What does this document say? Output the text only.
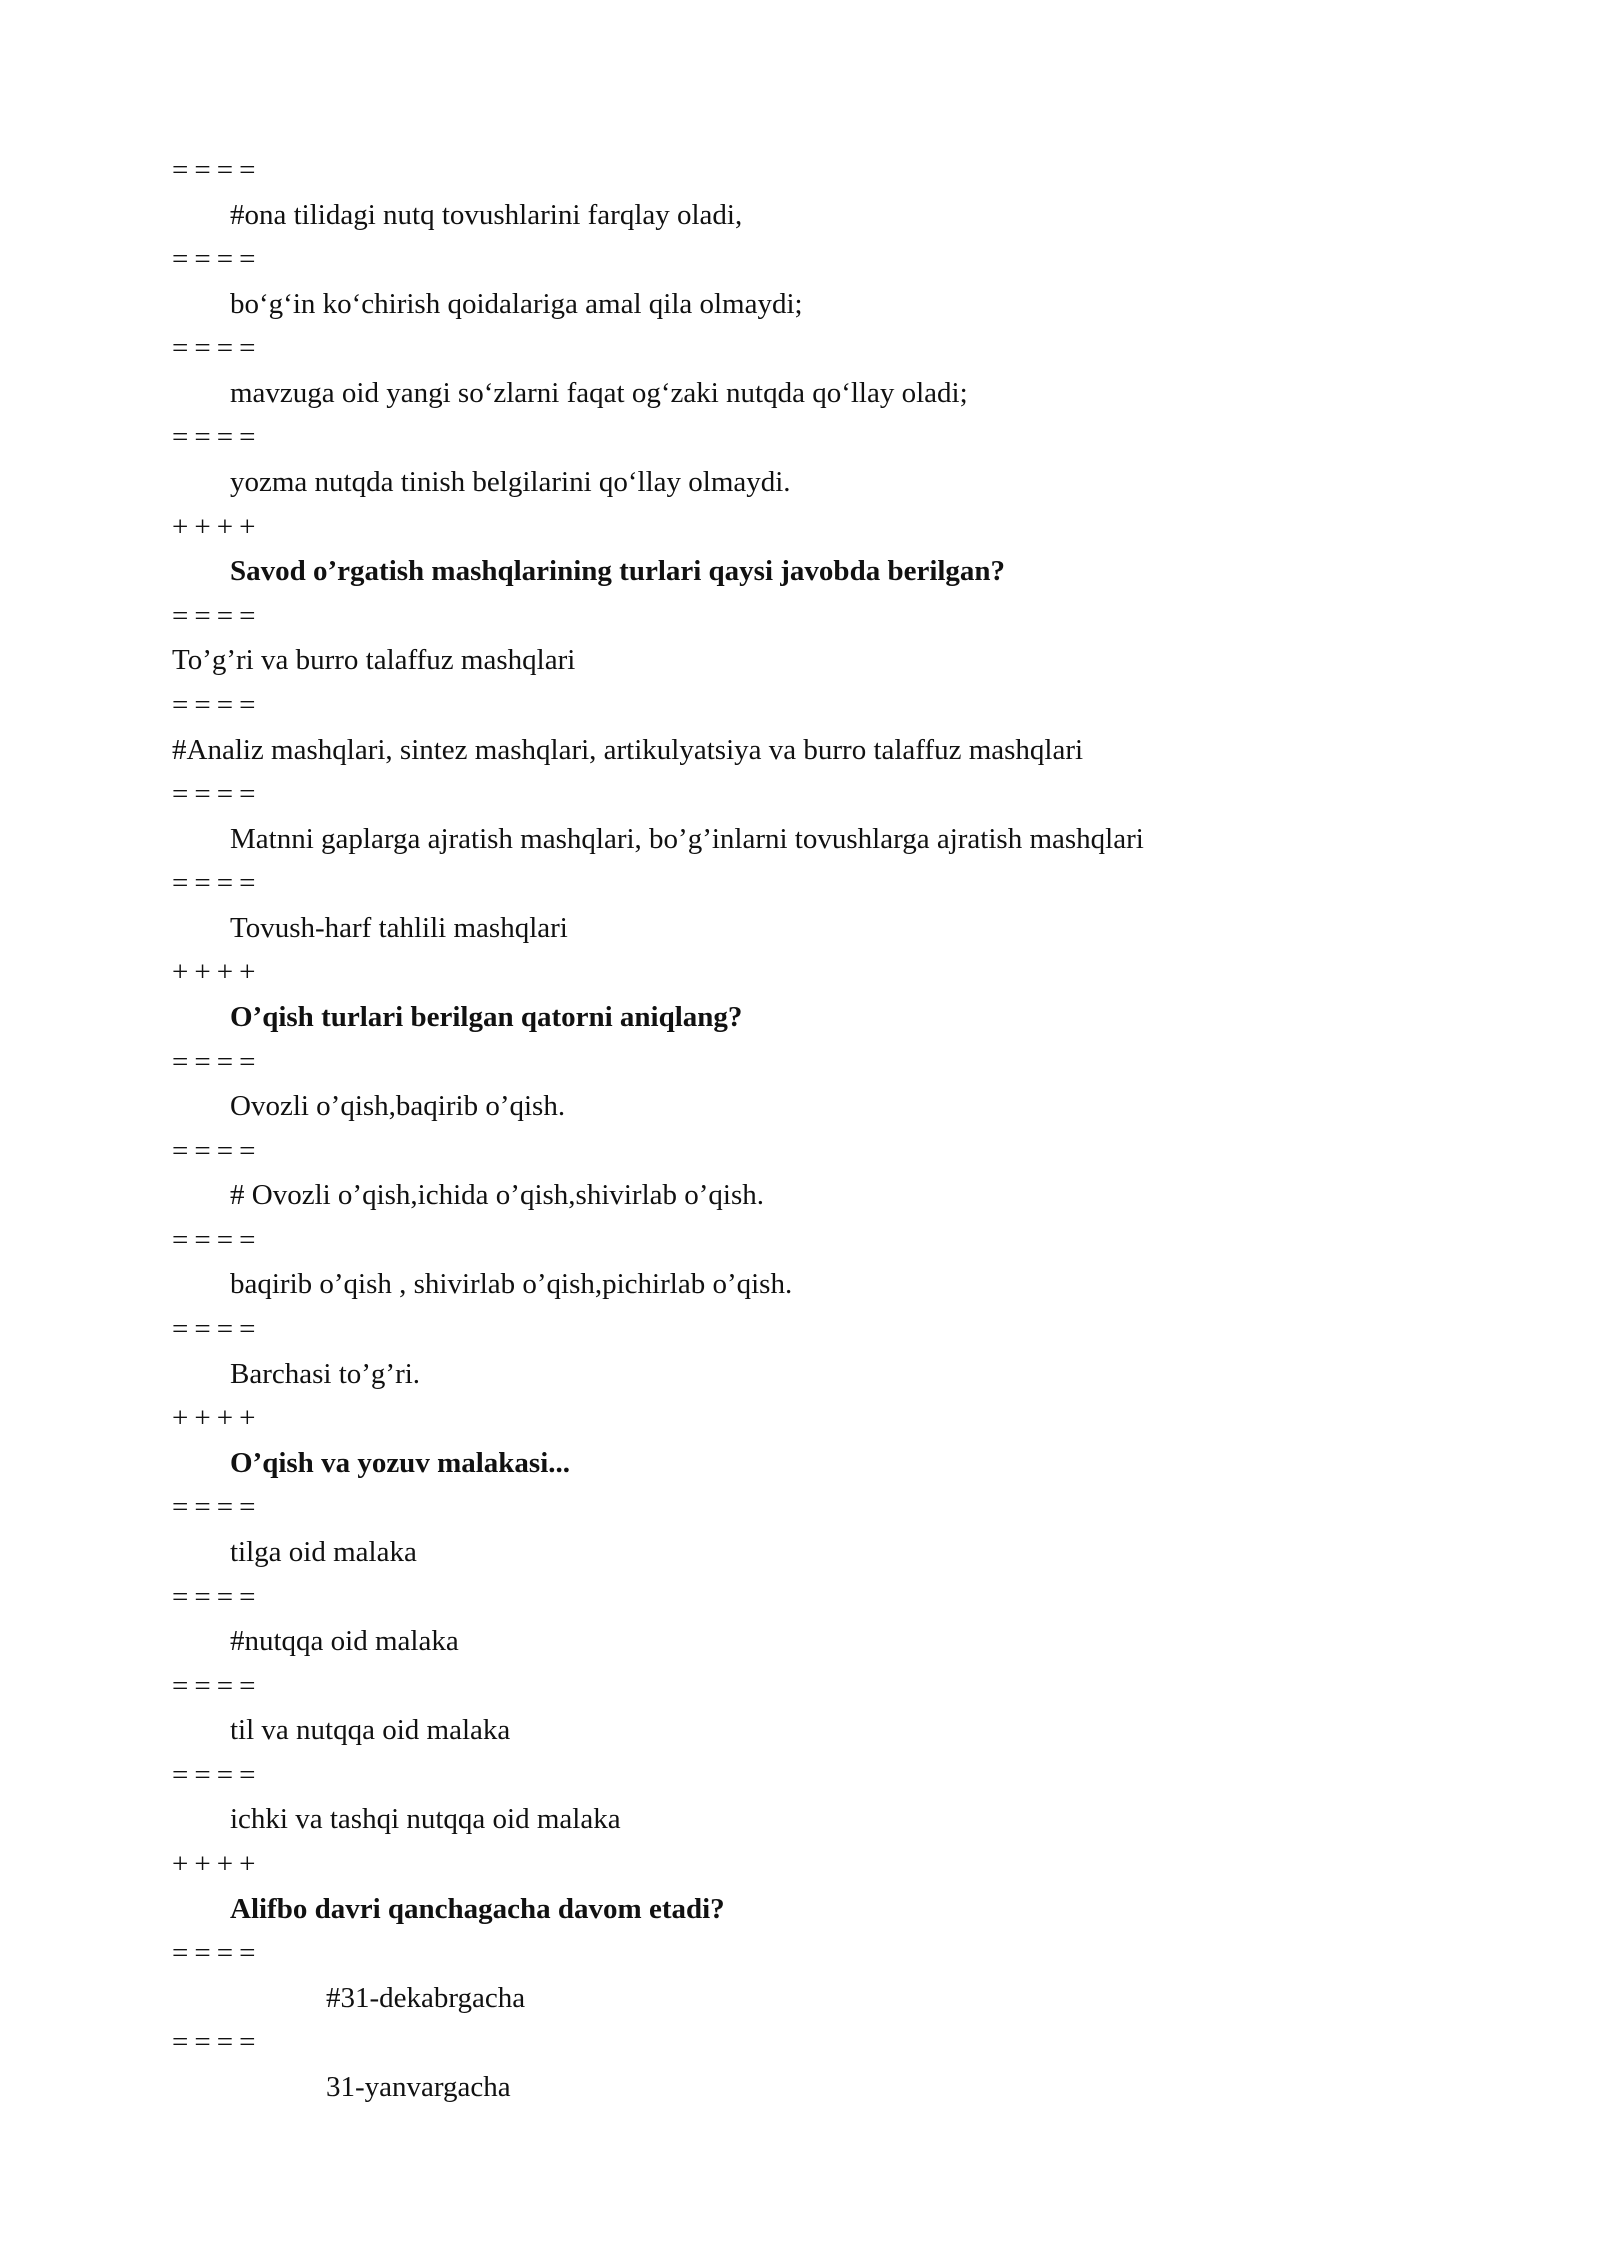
====
#ona tilidagi nutq tovushlarini farqlay oladi,
====
bo‘g‘in ko‘chirish qoidalariga amal qila olmaydi;
====
mavzuga oid yangi so‘zlarni faqat og‘zaki nutqda qo‘llay oladi;
====
yozma nutqda tinish belgilarini qo‘llay olmaydi.
++++
Savod o’rgatish mashqlarining turlari qaysi javobda berilgan?
====
To’g’ri va burro talaffuz mashqlari
====
#Analiz mashqlari, sintez mashqlari, artikulyatsiya va burro talaffuz mashqlari
====
Matnni gaplarga ajratish mashqlari, bo’g’inlarni tovushlarga ajratish mashqlari
====
Tovush-harf tahlili mashqlari
++++
O’qish turlari berilgan qatorni aniqlang?
====
Ovozli o’qish,baqirib o’qish.
====
# Ovozli o’qish,ichida o’qish,shivirlab o’qish.
====
baqirib o’qish , shivirlab o’qish,pichirlab o’qish.
====
Barchasi to’g’ri.
++++
O’qish va yozuv malakasi...
====
tilga oid malaka
====
#nutqqa oid malaka
====
til va nutqqa oid malaka
====
ichki va tashqi nutqqa oid malaka
++++
Alifbo davri qanchagacha davom etadi?
====
#31-dekabrgacha
====
31-yanvargacha
